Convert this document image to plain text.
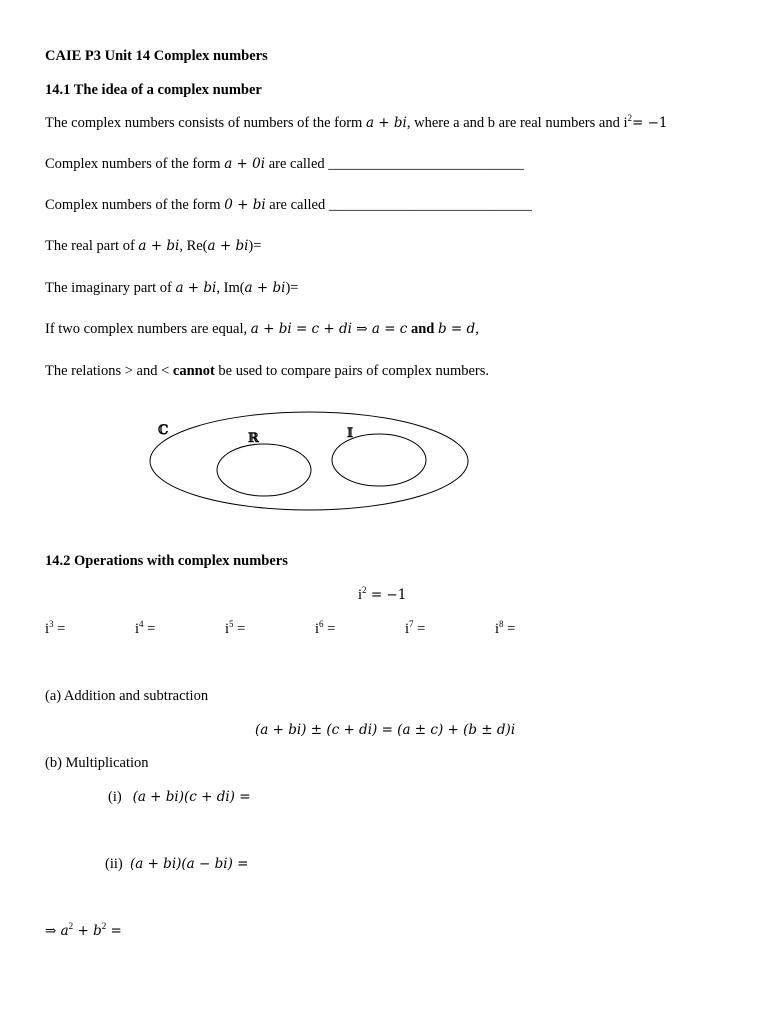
CAIE P3 Unit 14 Complex numbers
14.1 The idea of a complex number
The complex numbers consists of numbers of the form a + bi, where a and b are real numbers and $i^2= -1$
Complex numbers of the form a + 0i are called ___________________________
Complex numbers of the form 0 + bi are called ____________________________
The real part of a + bi, Re(a + bi)=
The imaginary part of a + bi, Im(a + bi)=
If two complex numbers are equal, a + bi = c + di ⇒ a = c and b = d,
The relations > and < cannot be used to compare pairs of complex numbers.
ℂ
ℝ	𝕀
14.2 Operations with complex numbers
$i^2 = -1$
$i^3$ =	$i^4$ =	$i^5$ =	$i^6$ =	$i^7$ =	$i^8$ =
(a) Addition and subtraction
(a + bi) ± (c + di) = (a ± c) + (b ± d)i
(b) Multiplication
(i) (a + bi)(c + di) =
(ii) (a + bi)(a − bi) =
⇒ $a^2 + b^2$ =
